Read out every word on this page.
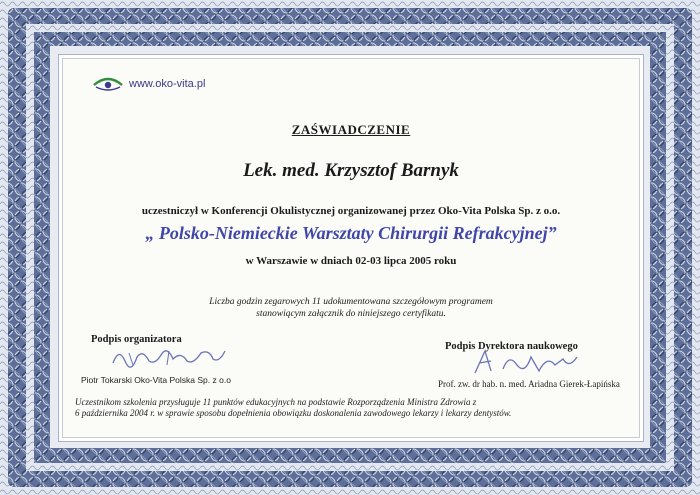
www.oko-vita.pl
ZAŚWIADCZENIE
Lek. med. Krzysztof Barnyk
uczestniczył w Konferencji Okulistycznej organizowanej przez Oko-Vita Polska Sp. z o.o.
„ Polsko-Niemieckie Warsztaty Chirurgii Refrakcyjnej”
w Warszawie w dniach 02-03 lipca 2005 roku
Liczba godzin zegarowych 11 udokumentowana szczegółowym programem
stanowiącym załącznik do niniejszego certyfikatu.
Podpis organizatora
Piotr Tokarski Oko-Vita Polska Sp. z o.o
Podpis Dyrektora naukowego
Prof. zw. dr hab. n. med. Ariadna Gierek-Łapińska
Uczestnikom szkolenia przysługuje 11 punktów edukacyjnych na podstawie Rozporządzenia Ministra Zdrowia z
6 października 2004 r. w sprawie sposobu dopełnienia obowiązku doskonalenia zawodowego lekarzy i lekarzy dentystów.
